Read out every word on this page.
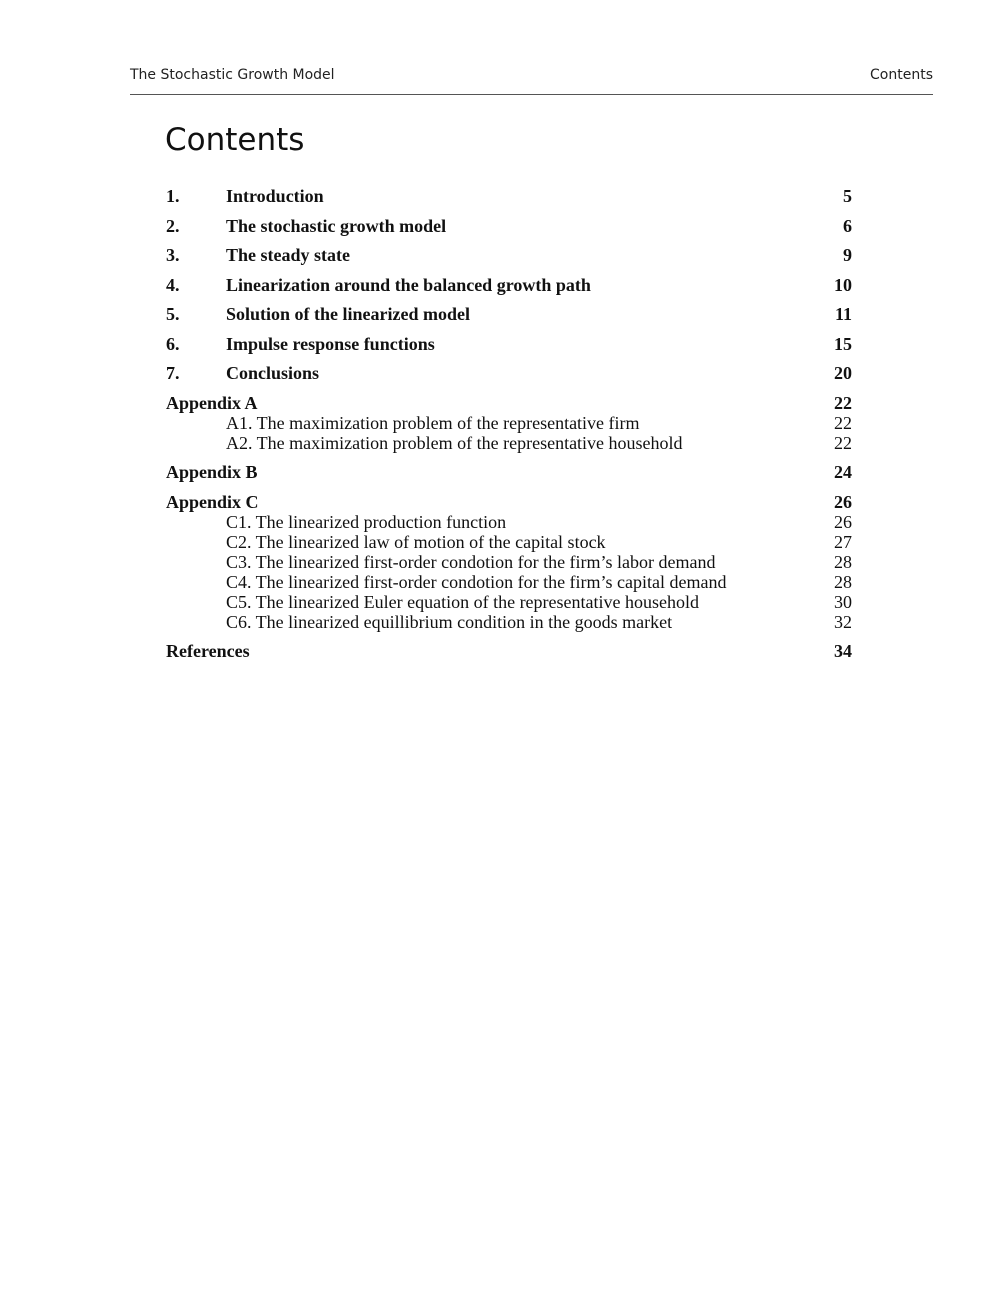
The Stochastic Growth Model	Contents
Contents
1.	Introduction	5
2.	The stochastic growth model	6
3.	The steady state	9
4.	Linearization around the balanced growth path	10
5.	Solution of the linearized model	11
6.	Impulse response functions	15
7.	Conclusions	20
Appendix A	22
A1. The maximization problem of the representative firm	22
A2. The maximization problem of the representative household	22
Appendix B	24
Appendix C	26
C1. The linearized production function	26
C2. The linearized law of motion of the capital stock	27
C3. The linearized first-order condotion for the firm’s labor demand	28
C4. The linearized first-order condotion for the firm’s capital demand	28
C5. The linearized Euler equation of the representative household	30
C6. The linearized equillibrium condition in the goods market	32
References	34
